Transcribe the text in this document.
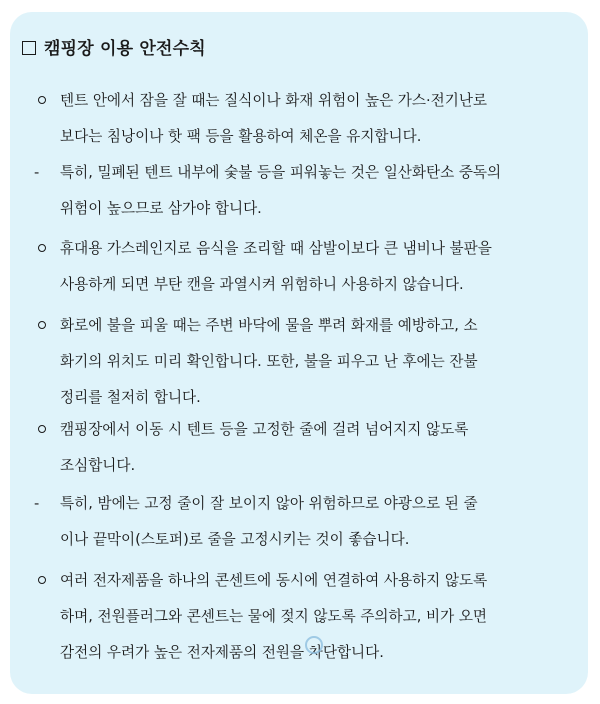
캠핑장 이용 안전수칙
텐트 안에서 잠을 잘 때는 질식이나 화재 위험이 높은 가스·전기난로
보다는 침낭이나 핫 팩 등을 활용하여 체온을 유지합니다.
-	특히, 밀폐된 텐트 내부에 숯불 등을 피워놓는 것은 일산화탄소 중독의
위험이 높으므로 삼가야 합니다.
휴대용 가스레인지로 음식을 조리할 때 삼발이보다 큰 냄비나 불판을
사용하게 되면 부탄 캔을 과열시켜 위험하니 사용하지 않습니다.
화로에 불을 피울 때는 주변 바닥에 물을 뿌려 화재를 예방하고, 소
화기의 위치도 미리 확인합니다. 또한, 불을 피우고 난 후에는 잔불
정리를 철저히 합니다.
캠핑장에서 이동 시 텐트 등을 고정한 줄에 걸려 넘어지지 않도록
조심합니다.
-	특히, 밤에는 고정 줄이 잘 보이지 않아 위험하므로 야광으로 된 줄
이나 끝막이(스토퍼)로 줄을 고정시키는 것이 좋습니다.
여러 전자제품을 하나의 콘센트에 동시에 연결하여 사용하지 않도록
하며, 전원플러그와 콘센트는 물에 젖지 않도록 주의하고, 비가 오면
감전의 우려가 높은 전자제품의 전원을 차단합니다.
